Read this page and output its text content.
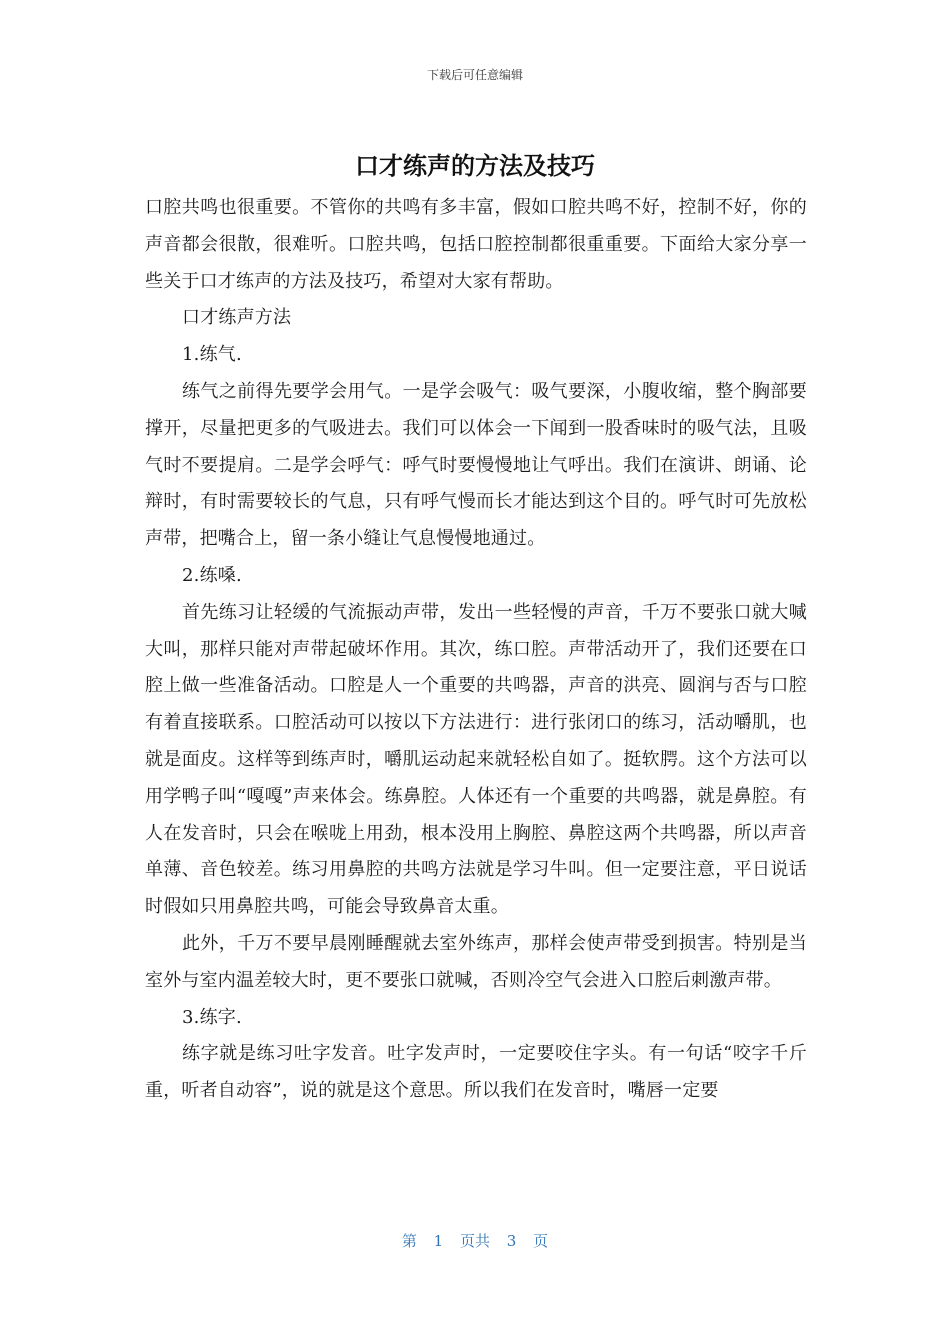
下载后可任意编辑
口才练声的方法及技巧

口腔共鸣也很重要。不管你的共鸣有多丰富，假如口腔共鸣不好，控制不好，你的声音都会很散，很难听。口腔共鸣，包括口腔控制都很重重要。下面给大家分享一些关于口才练声的方法及技巧，希望对大家有帮助。

口才练声方法

1.练气.

练气之前得先要学会用气。一是学会吸气：吸气要深，小腹收缩，整个胸部要撑开，尽量把更多的气吸进去。我们可以体会一下闻到一股香味时的吸气法，且吸气时不要提肩。二是学会呼气：呼气时要慢慢地让气呼出。我们在演讲、朗诵、论辩时，有时需要较长的气息，只有呼气慢而长才能达到这个目的。呼气时可先放松声带，把嘴合上，留一条小缝让气息慢慢地通过。

2.练嗓.

首先练习让轻缓的气流振动声带，发出一些轻慢的声音，千万不要张口就大喊大叫，那样只能对声带起破坏作用。其次，练口腔。声带活动开了，我们还要在口腔上做一些准备活动。口腔是人一个重要的共鸣器，声音的洪亮、圆润与否与口腔有着直接联系。口腔活动可以按以下方法进行：进行张闭口的练习，活动嚼肌，也就是面皮。这样等到练声时，嚼肌运动起来就轻松自如了。挺软腭。这个方法可以用学鸭子叫“嘎嘎”声来体会。练鼻腔。人体还有一个重要的共鸣器，就是鼻腔。有人在发音时，只会在喉咙上用劲，根本没用上胸腔、鼻腔这两个共鸣器，所以声音单薄、音色较差。练习用鼻腔的共鸣方法就是学习牛叫。但一定要注意，平日说话时假如只用鼻腔共鸣，可能会导致鼻音太重。

此外，千万不要早晨刚睡醒就去室外练声，那样会使声带受到损害。特别是当室外与室内温差较大时，更不要张口就喊，否则冷空气会进入口腔后刺激声带。

3.练字.

练字就是练习吐字发音。吐字发声时，一定要咬住字头。有一句话“咬字千斤重，听者自动容”，说的就是这个意思。所以我们在发音时，嘴唇一定要

第 1 页共 3 页
